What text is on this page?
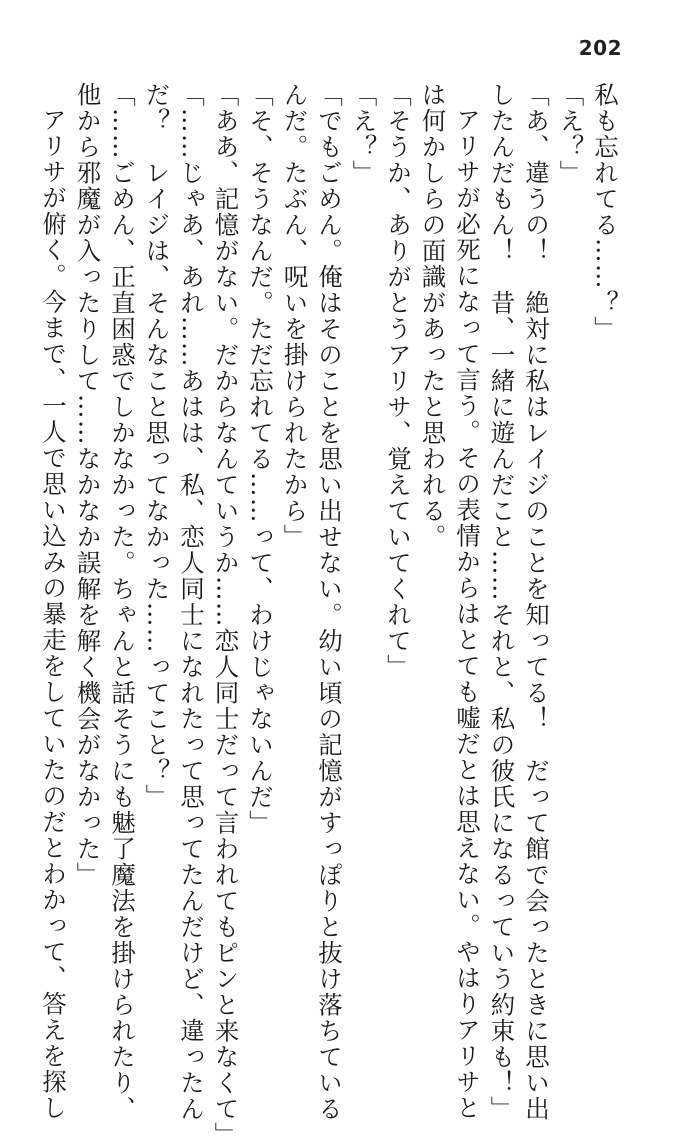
202
私も忘れてる……？」
「え？」
「あ、違うの！　絶対に私はレイジのことを知ってる！　だって館で会ったときに思い出
したんだもん！　昔、一緒に遊んだこと……それと、私の彼氏になるっていう約束も！」
アリサが必死になって言う。その表情からはとても嘘だとは思えない。やはりアリサと
は何かしらの面識があったと思われる。
「そうか、ありがとうアリサ、覚えていてくれて」
「え？」
「でもごめん。俺はそのことを思い出せない。幼い頃の記憶がすっぽりと抜け落ちている
んだ。たぶん、呪いを掛けられたから」
「そ、そうなんだ。ただ忘れてる……って、わけじゃないんだ」
「ああ、記憶がない。だからなんていうか……恋人同士だって言われてもピンと来なくて」
「……じゃあ、あれ……あはは、私、恋人同士になれたって思ってたんだけど、違ったん
だ？　レイジは、そんなこと思ってなかった……ってこと？」
「……ごめん、正直困惑でしかなかった。ちゃんと話そうにも魅了魔法を掛けられたり、
他から邪魔が入ったりして……なかなか誤解を解く機会がなかった」
アリサが俯く。今まで、一人で思い込みの暴走をしていたのだとわかって、答えを探し
